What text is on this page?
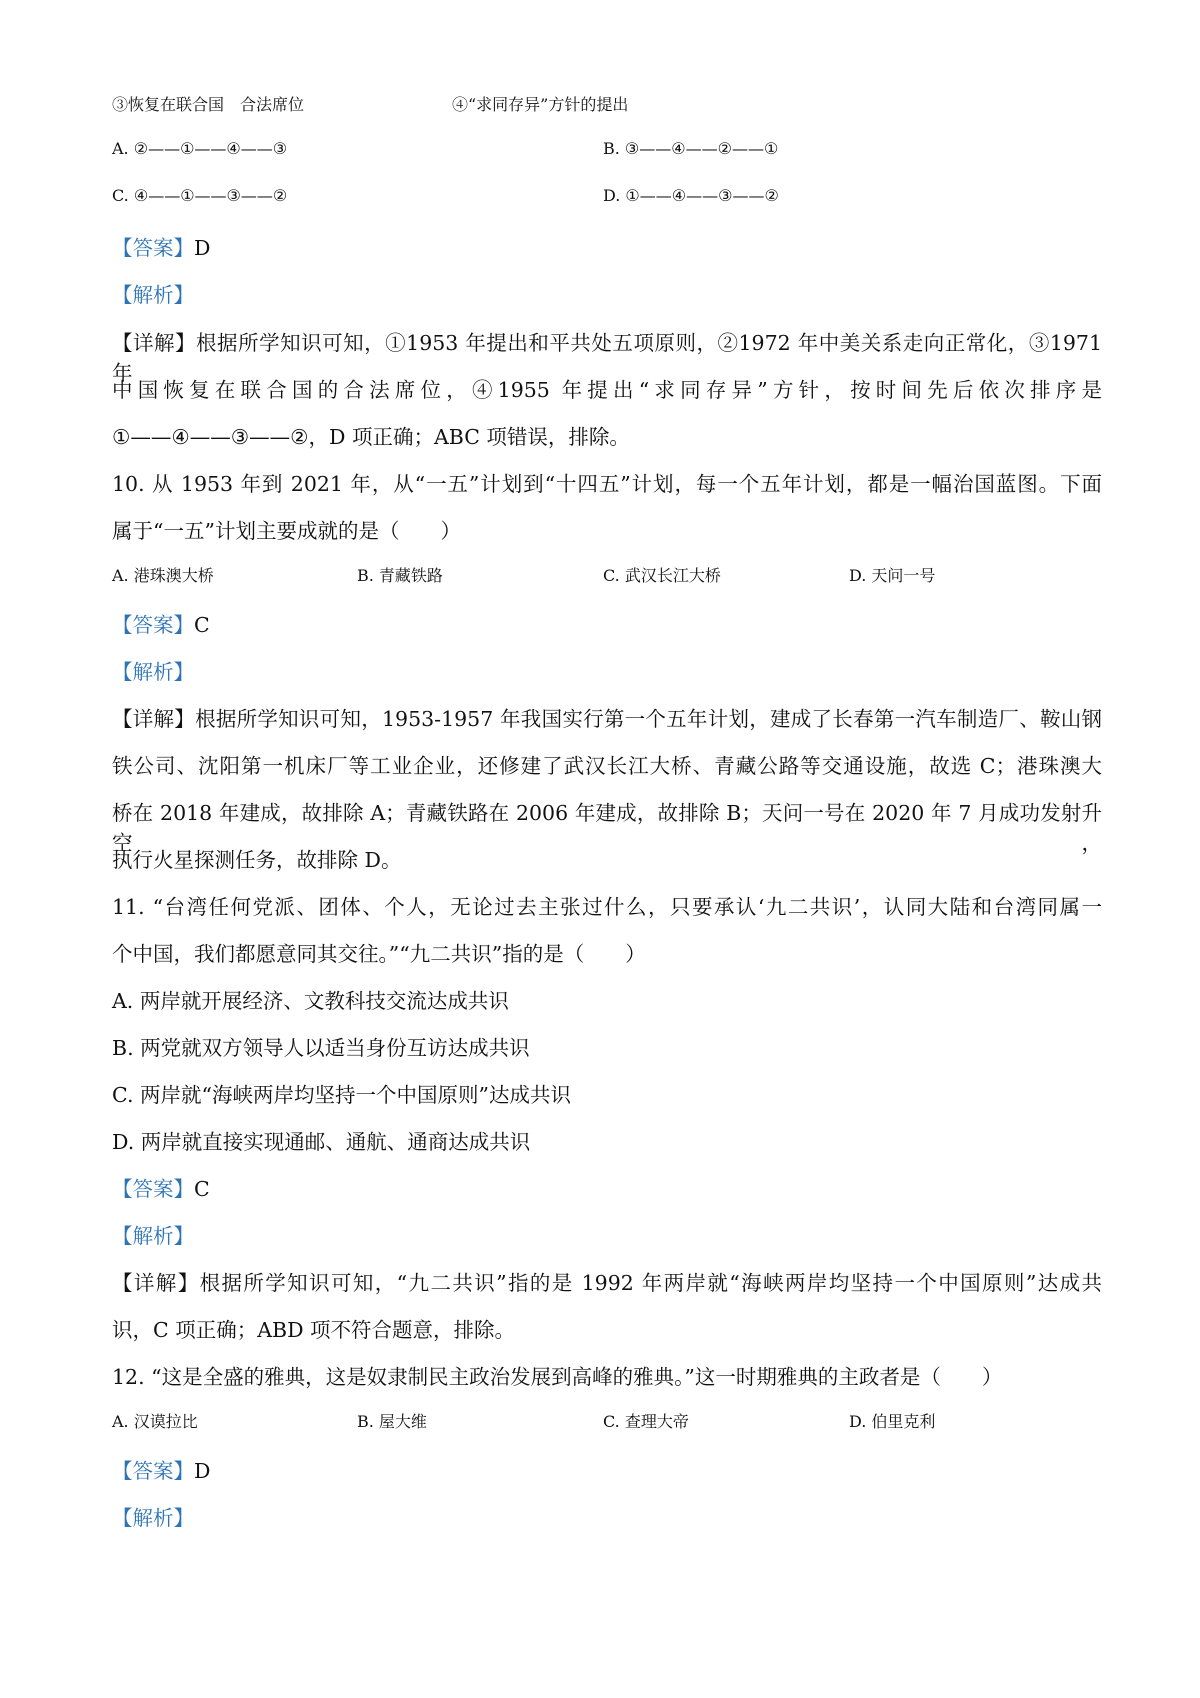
③恢复在联合国　合法席位	④“求同存异”方针的提出
A. ②——①——④——③	B. ③——④——②——①
C. ④——①——③——②	D. ①——④——③——②
【答案】D
【解析】
【详解】根据所学知识可知，①1953 年提出和平共处五项原则，②1972 年中美关系走向正常化，③1971 年
中国恢复在联合国的合法席位，④1955 年提出“求同存异”方针，按时间先后依次排序是
①——④——③——②，D 项正确；ABC 项错误，排除。
10. 从 1953 年到 2021 年，从“一五”计划到“十四五”计划，每一个五年计划，都是一幅治国蓝图。下面
属于“一五”计划主要成就的是（　　）
A. 港珠澳大桥	B. 青藏铁路	C. 武汉长江大桥	D. 天问一号
【答案】C
【解析】
【详解】根据所学知识可知，1953-1957 年我国实行第一个五年计划，建成了长春第一汽车制造厂、鞍山钢
铁公司、沈阳第一机床厂等工业企业，还修建了武汉长江大桥、青藏公路等交通设施，故选 C；港珠澳大
桥在 2018 年建成，故排除 A；青藏铁路在 2006 年建成，故排除 B；天问一号在 2020 年 7 月成功发射升空，
执行火星探测任务，故排除 D。
11. “台湾任何党派、团体、个人，无论过去主张过什么，只要承认‘九二共识’，认同大陆和台湾同属一
个中国，我们都愿意同其交往。”“九二共识”指的是（　　）
A. 两岸就开展经济、文教科技交流达成共识
B. 两党就双方领导人以适当身份互访达成共识
C. 两岸就“海峡两岸均坚持一个中国原则”达成共识
D. 两岸就直接实现通邮、通航、通商达成共识
【答案】C
【解析】
【详解】根据所学知识可知，“九二共识”指的是 1992 年两岸就“海峡两岸均坚持一个中国原则”达成共
识，C 项正确；ABD 项不符合题意，排除。
12. “这是全盛的雅典，这是奴隶制民主政治发展到高峰的雅典。”这一时期雅典的主政者是（　　）
A. 汉谟拉比	B. 屋大维	C. 查理大帝	D. 伯里克利
【答案】D
【解析】
